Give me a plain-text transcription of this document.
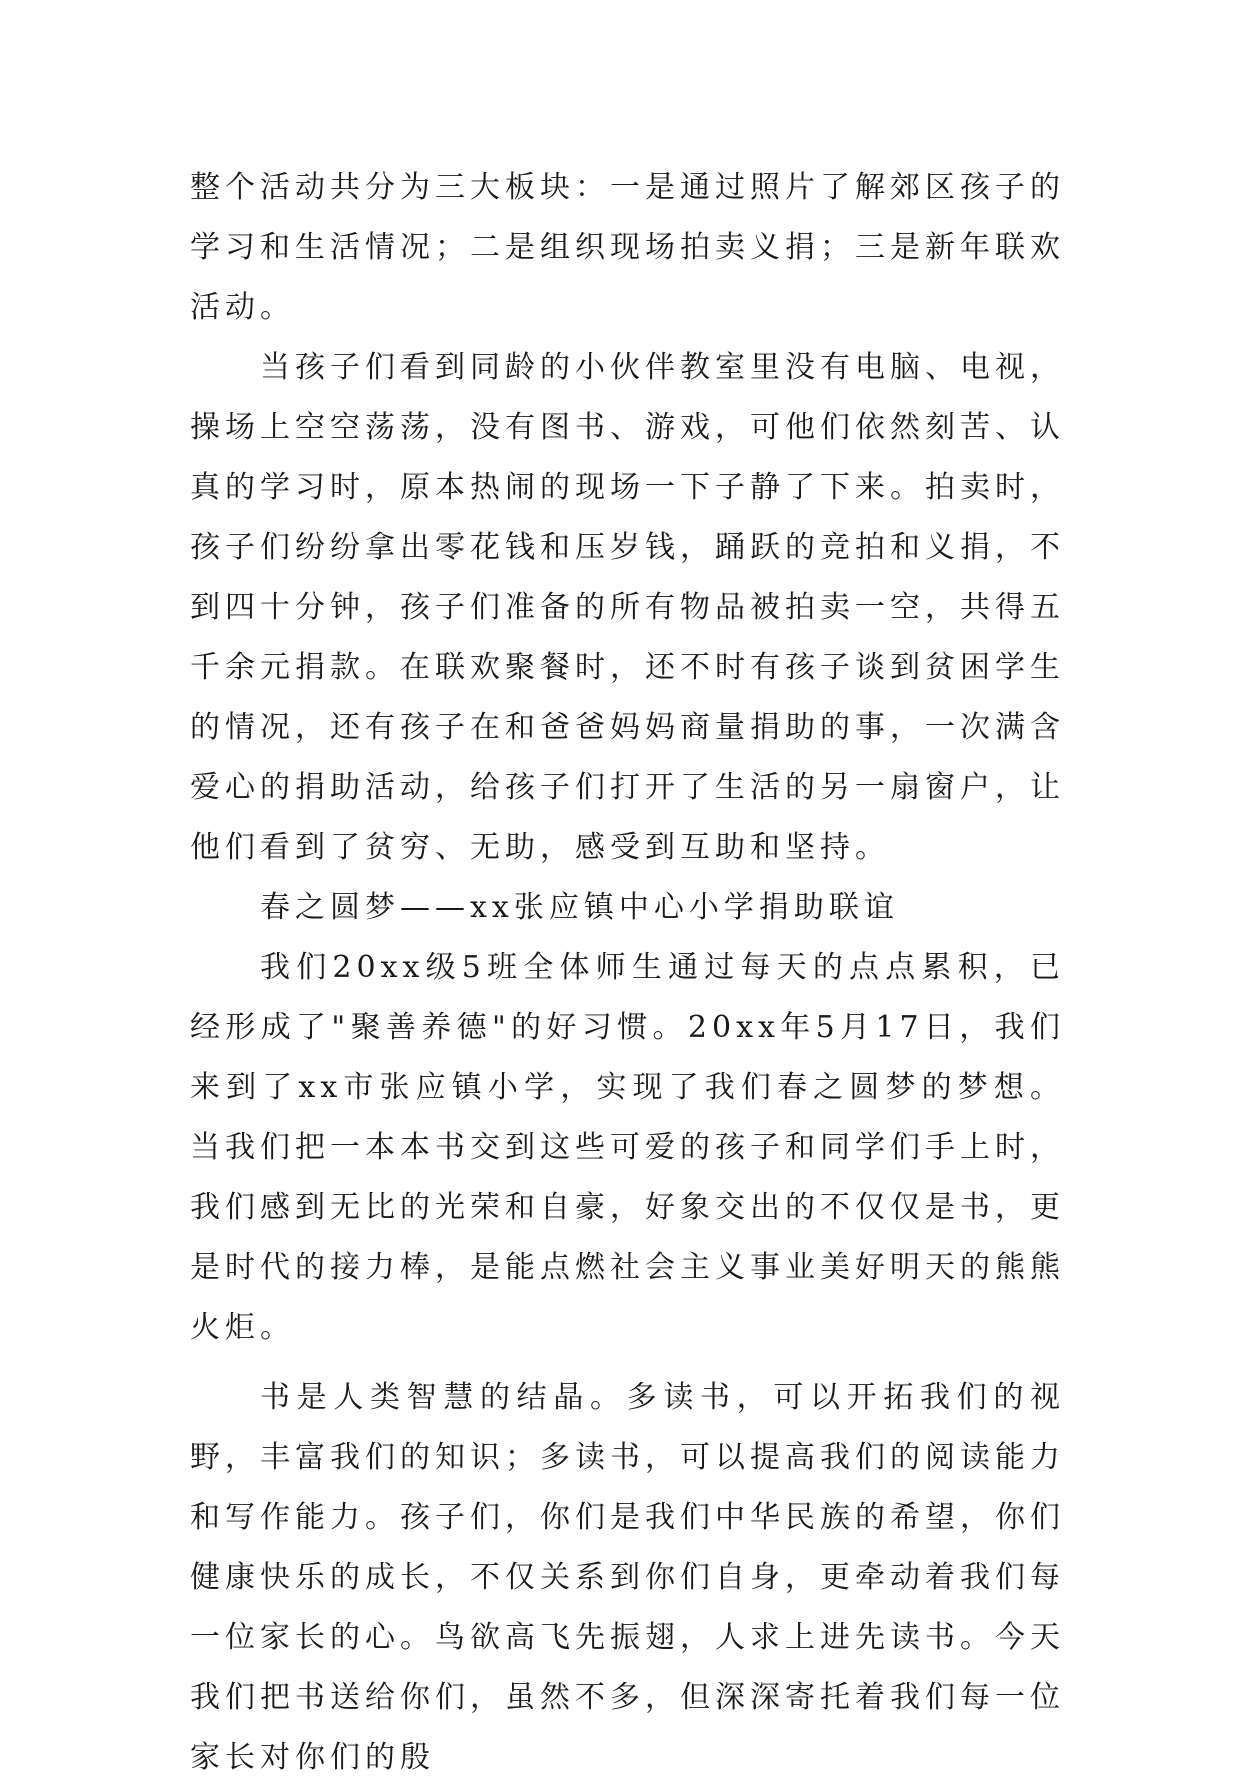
整个活动共分为三大板块：一是通过照片了解郊区孩子的学习和生活情况；二是组织现场拍卖义捐；三是新年联欢活动。

当孩子们看到同龄的小伙伴教室里没有电脑、电视，操场上空空荡荡，没有图书、游戏，可他们依然刻苦、认真的学习时，原本热闹的现场一下子静了下来。拍卖时，孩子们纷纷拿出零花钱和压岁钱，踊跃的竞拍和义捐，不到四十分钟，孩子们准备的所有物品被拍卖一空，共得五千余元捐款。在联欢聚餐时，还不时有孩子谈到贫困学生的情况，还有孩子在和爸爸妈妈商量捐助的事，一次满含爱心的捐助活动，给孩子们打开了生活的另一扇窗户，让他们看到了贫穷、无助，感受到互助和坚持。

春之圆梦——xx张应镇中心小学捐助联谊

我们20xx级5班全体师生通过每天的点点累积，已经形成了"聚善养德"的好习惯。20xx年5月17日，我们来到了xx市张应镇小学，实现了我们春之圆梦的梦想。当我们把一本本书交到这些可爱的孩子和同学们手上时，我们感到无比的光荣和自豪，好象交出的不仅仅是书，更是时代的接力棒，是能点燃社会主义事业美好明天的熊熊火炬。

书是人类智慧的结晶。多读书，可以开拓我们的视野，丰富我们的知识；多读书，可以提高我们的阅读能力和写作能力。孩子们，你们是我们中华民族的希望，你们健康快乐的成长，不仅关系到你们自身，更牵动着我们每一位家长的心。鸟欲高飞先振翅，人求上进先读书。今天我们把书送给你们，虽然不多，但深深寄托着我们每一位家长对你们的殷
